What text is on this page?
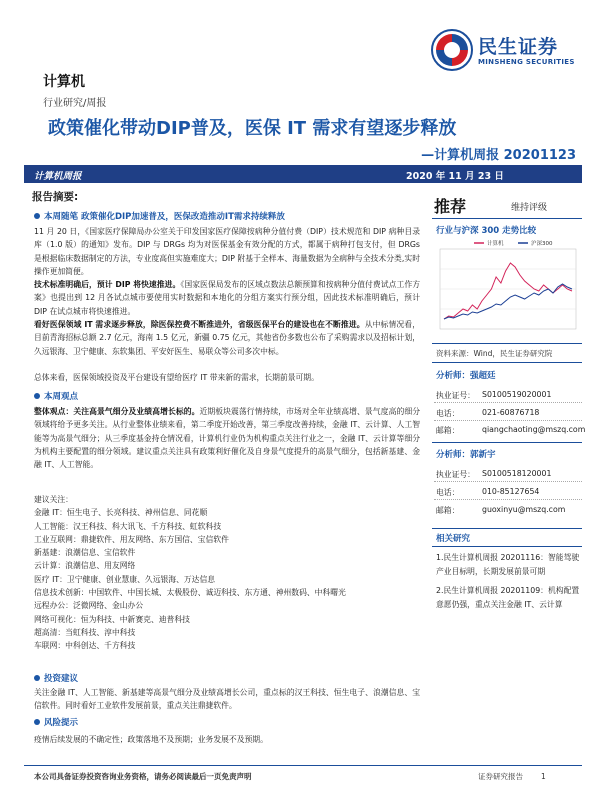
民生证券
MINSHENG SECURITIES
计算机
行业研究/周报
政策催化带动DIP普及，医保 IT 需求有望逐步释放
—计算机周报 20201123
计算机周报	2020 年 11 月 23 日
报告摘要:
本周随笔 政策催化DIP加速普及，医保改造推动IT需求持续释放
11 月 20 日，《国家医疗保障局办公室关于印发国家医疗保障按病种分值付费（DIP）技术规范和 DIP 病种目录库（1.0 版）的通知》发布。DIP 与 DRGs 均为对医保基金有效分配的方式，都属于病种打包支付，但 DRGs 是根据临床数据制定的方法，专业度高但实施难度大；DIP 附基于全样本、海量数据为全病种与全技术分类,实时操作更加简便。
技术标准明确后，预计 DIP 将快速推进。《国家医保局发布的区域点数法总额预算和按病种分值付费试点工作方案》也提出到 12 月各试点城市要使用实时数据和本地化的分组方案实行预分组，因此技术标准明确后，预计 DIP 在试点城市将快速推进。
看好医保领域 IT 需求逐步释放，除医保控费不断推进外，省级医保平台的建设也在不断推进。从中标情况看，目前青海招标总额 2.7 亿元，海南 1.5 亿元，新疆 0.75 亿元，其他省份多数也公布了采购需求以及招标计划，久远银海、卫宁健康、东软集团、平安好医生、易联众等公司多次中标。
总体来看，医保领域投资及平台建设有望给医疗 IT 带来新的需求，长期前景可期。
本周观点
整体观点：关注高景气细分及业绩高增长标的。近期板块震荡行情持续，市场对全年业绩高增、景气度高的细分领域将给予更多关注。从行业整体业绩来看，第二季度开始改善，第三季度改善持续，金融 IT、云计算、人工智能等为高景气细分；从三季度基金持仓情况看，计算机行业仍为机构重点关注行业之一，金融 IT、云计算等细分为机构主要配置的细分领域。建议重点关注具有政策利好催化及自身景气度提升的高景气细分，包括新基建、金融 IT、人工智能。
建议关注：
金融 IT：恒生电子、长亮科技、神州信息、同花顺
人工智能：汉王科技、科大讯飞、千方科技、虹软科技
工业互联网：鼎捷软件、用友网络、东方国信、宝信软件
新基建：浪潮信息、宝信软件
云计算：浪潮信息、用友网络
医疗 IT：卫宁健康、创业慧康、久远银海、万达信息
信息技术创新：中国软件、中国长城、太极股份、诚迈科技、东方通、神州数码、中科曙光
远程办公：泛微网络、金山办公
网络可视化：恒为科技、中新赛克、迪普科技
超高清：当虹科技、淳中科技
车联网：中科创达、千方科技
投资建议
关注金融 IT、人工智能、新基建等高景气细分及业绩高增长公司，重点标的汉王科技、恒生电子、浪潮信息、宝信软件。同时看好工业软件发展前景，重点关注鼎捷软件。
风险提示
疫情后续发展的不确定性；政策落地不及预期；业务发展不及预期。
推荐	维持评级
行业与沪深 300 走势比较
计算机	沪深300
资料来源：Wind，民生证券研究院
分析师：强超廷
执业证号： S0100519020001
电话：	021-60876718
邮箱：	qiangchaoting@mszq.com
分析师：郭新宇
执业证号： S0100518120001
电话：	010-85127654
邮箱：	guoxinyu@mszq.com
相关研究
1.民生计算机周报 20201116：智能驾驶产业目标明，长期发展前景可期
2.民生计算机周报 20201109：机构配置意愿仍强，重点关注金融 IT、云计算
本公司具备证券投资咨询业务资格，请务必阅读最后一页免责声明	证券研究报告 1
